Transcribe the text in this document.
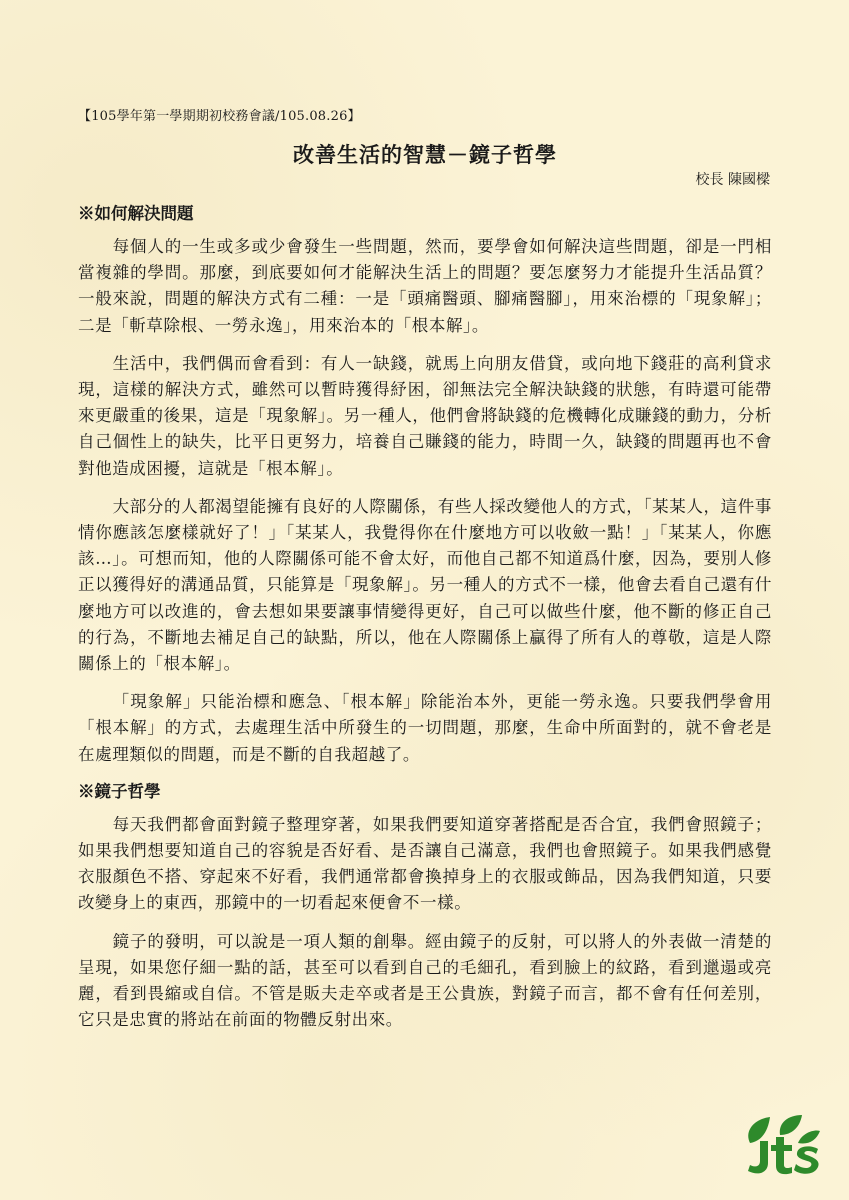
【105學年第一學期期初校務會議/105.08.26】
改善生活的智慧－鏡子哲學
校長 陳國樑
※如何解決問題

每個人的一生或多或少會發生一些問題，然而，要學會如何解決這些問題，卻是一門相當複雜的學問。那麼，到底要如何才能解決生活上的問題？要怎麼努力才能提升生活品質？一般來說，問題的解決方式有二種：一是「頭痛醫頭、腳痛醫腳」，用來治標的「現象解」；二是「斬草除根、一勞永逸」，用來治本的「根本解」。

生活中，我們偶而會看到：有人一缺錢，就馬上向朋友借貸，或向地下錢莊的高利貸求現，這樣的解決方式，雖然可以暫時獲得紓困，卻無法完全解決缺錢的狀態，有時還可能帶來更嚴重的後果，這是「現象解」。另一種人，他們會將缺錢的危機轉化成賺錢的動力，分析自己個性上的缺失，比平日更努力，培養自己賺錢的能力，時間一久，缺錢的問題再也不會對他造成困擾，這就是「根本解」。

大部分的人都渴望能擁有良好的人際關係，有些人採改變他人的方式，「某某人，這件事情你應該怎麼樣就好了！」「某某人，我覺得你在什麼地方可以收斂一點！」「某某人，你應該…」。可想而知，他的人際關係可能不會太好，而他自己都不知道爲什麼，因為，要別人修正以獲得好的溝通品質，只能算是「現象解」。另一種人的方式不一樣，他會去看自己還有什麼地方可以改進的，會去想如果要讓事情變得更好，自己可以做些什麼，他不斷的修正自己的行為，不斷地去補足自己的缺點，所以，他在人際關係上贏得了所有人的尊敬，這是人際關係上的「根本解」。

「現象解」只能治標和應急、「根本解」除能治本外，更能一勞永逸。只要我們學會用「根本解」的方式，去處理生活中所發生的一切問題，那麼，生命中所面對的，就不會老是在處理類似的問題，而是不斷的自我超越了。

※鏡子哲學

每天我們都會面對鏡子整理穿著，如果我們要知道穿著搭配是否合宜，我們會照鏡子；如果我們想要知道自己的容貌是否好看、是否讓自己滿意，我們也會照鏡子。如果我們感覺衣服顏色不搭、穿起來不好看，我們通常都會換掉身上的衣服或飾品，因為我們知道，只要改變身上的東西，那鏡中的一切看起來便會不一樣。

鏡子的發明，可以說是一項人類的創舉。經由鏡子的反射，可以將人的外表做一清楚的呈現，如果您仔細一點的話，甚至可以看到自己的毛細孔，看到臉上的紋路，看到邋遢或亮麗，看到畏縮或自信。不管是販夫走卒或者是王公貴族，對鏡子而言，都不會有任何差別，它只是忠實的將站在前面的物體反射出來。
